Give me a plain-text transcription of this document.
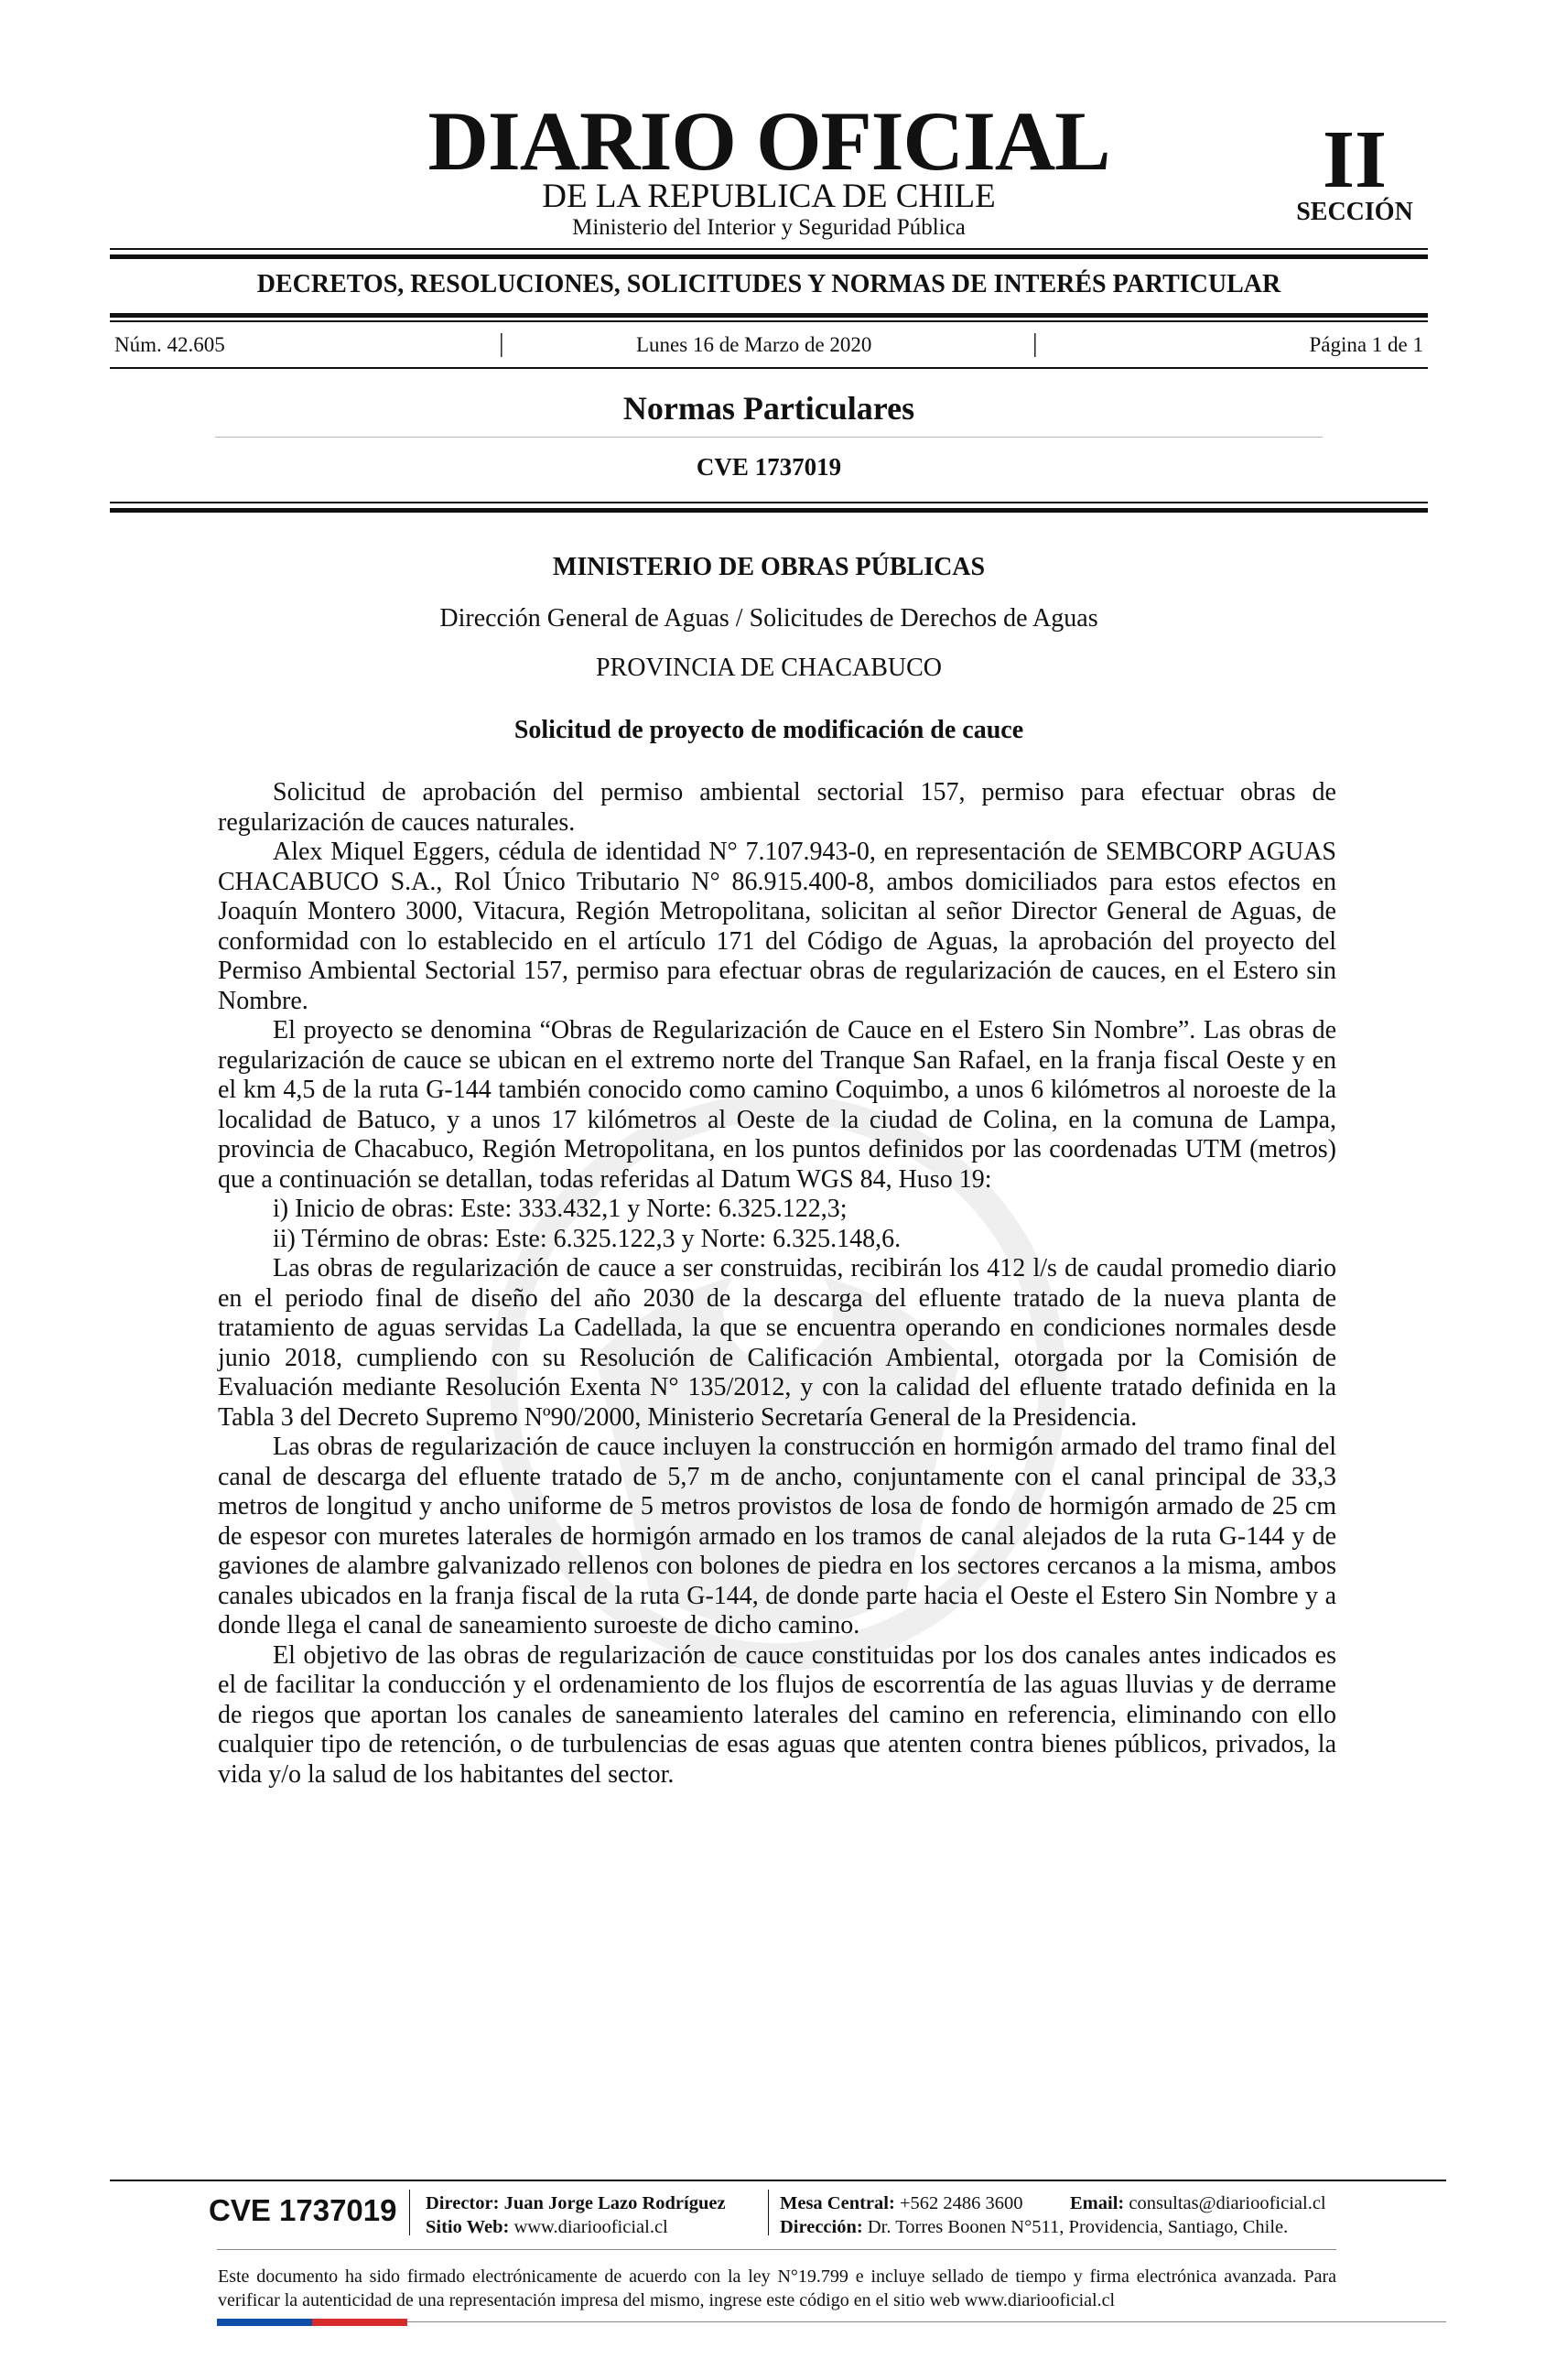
DIARIO OFICIAL
DE LA REPUBLICA DE CHILE
Ministerio del Interior y Seguridad Pública
II
SECCIÓN
DECRETOS, RESOLUCIONES, SOLICITUDES Y NORMAS DE INTERÉS PARTICULAR
Núm. 42.605	|	Lunes 16 de Marzo de 2020	|	Página 1 de 1
Normas Particulares
CVE 1737019
MINISTERIO DE OBRAS PÚBLICAS
Dirección General de Aguas / Solicitudes de Derechos de Aguas
PROVINCIA DE CHACABUCO
Solicitud de proyecto de modificación de cauce

Solicitud de aprobación del permiso ambiental sectorial 157, permiso para efectuar obras de regularización de cauces naturales.

Alex Miquel Eggers, cédula de identidad N° 7.107.943-0, en representación de SEMBCORP AGUAS CHACABUCO S.A., Rol Único Tributario N° 86.915.400-8, ambos domiciliados para estos efectos en Joaquín Montero 3000, Vitacura, Región Metropolitana, solicitan al señor Director General de Aguas, de conformidad con lo establecido en el artículo 171 del Código de Aguas, la aprobación del proyecto del Permiso Ambiental Sectorial 157, permiso para efectuar obras de regularización de cauces, en el Estero sin Nombre.

El proyecto se denomina “Obras de Regularización de Cauce en el Estero Sin Nombre”. Las obras de regularización de cauce se ubican en el extremo norte del Tranque San Rafael, en la franja fiscal Oeste y en el km 4,5 de la ruta G-144 también conocido como camino Coquimbo, a unos 6 kilómetros al noroeste de la localidad de Batuco, y a unos 17 kilómetros al Oeste de la ciudad de Colina, en la comuna de Lampa, provincia de Chacabuco, Región Metropolitana, en los puntos definidos por las coordenadas UTM (metros) que a continuación se detallan, todas referidas al Datum WGS 84, Huso 19:

i) Inicio de obras: Este: 333.432,1 y Norte: 6.325.122,3;

ii) Término de obras: Este: 6.325.122,3 y Norte: 6.325.148,6.

Las obras de regularización de cauce a ser construidas, recibirán los 412 l/s de caudal promedio diario en el periodo final de diseño del año 2030 de la descarga del efluente tratado de la nueva planta de tratamiento de aguas servidas La Cadellada, la que se encuentra operando en condiciones normales desde junio 2018, cumpliendo con su Resolución de Calificación Ambiental, otorgada por la Comisión de Evaluación mediante Resolución Exenta N° 135/2012, y con la calidad del efluente tratado definida en la Tabla 3 del Decreto Supremo Nº90/2000, Ministerio Secretaría General de la Presidencia.

Las obras de regularización de cauce incluyen la construcción en hormigón armado del tramo final del canal de descarga del efluente tratado de 5,7 m de ancho, conjuntamente con el canal principal de 33,3 metros de longitud y ancho uniforme de 5 metros provistos de losa de fondo de hormigón armado de 25 cm de espesor con muretes laterales de hormigón armado en los tramos de canal alejados de la ruta G-144 y de gaviones de alambre galvanizado rellenos con bolones de piedra en los sectores cercanos a la misma, ambos canales ubicados en la franja fiscal de la ruta G-144, de donde parte hacia el Oeste el Estero Sin Nombre y a donde llega el canal de saneamiento suroeste de dicho camino.

El objetivo de las obras de regularización de cauce constituidas por los dos canales antes indicados es el de facilitar la conducción y el ordenamiento de los flujos de escorrentía de las aguas lluvias y de derrame de riegos que aportan los canales de saneamiento laterales del camino en referencia, eliminando con ello cualquier tipo de retención, o de turbulencias de esas aguas que atenten contra bienes públicos, privados, la vida y/o la salud de los habitantes del sector.

CVE 1737019 Director: Juan Jorge Lazo Rodríguez
Sitio Web: www.diariooficial.cl
Mesa Central: +562 2486 3600	Email: consultas@diariooficial.cl
Dirección: Dr. Torres Boonen N°511, Providencia, Santiago, Chile.
Este documento ha sido firmado electrónicamente de acuerdo con la ley N°19.799 e incluye sellado de tiempo y firma electrónica avanzada. Para verificar la autenticidad de una representación impresa del mismo, ingrese este código en el sitio web www.diariooficial.cl
